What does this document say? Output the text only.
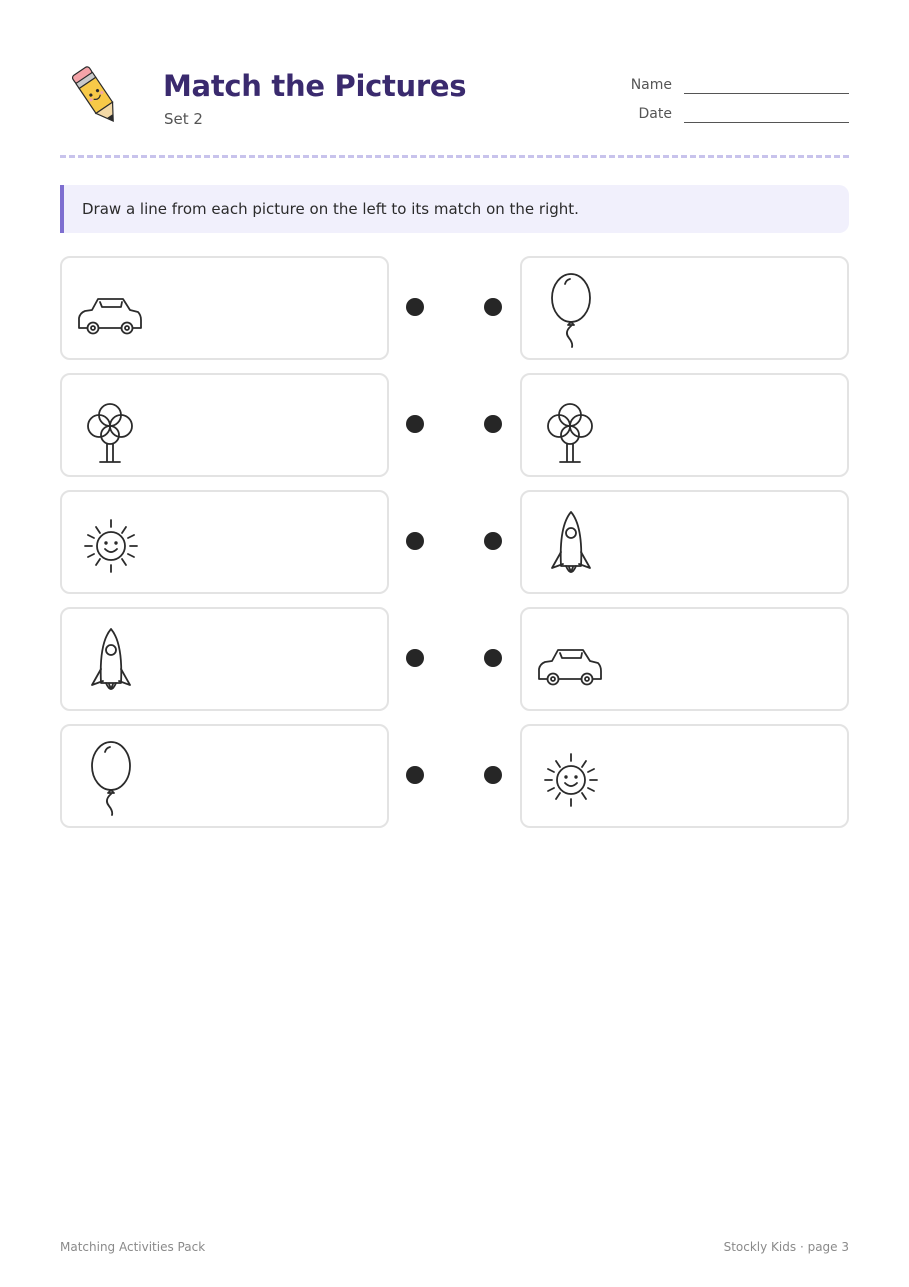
Match the Pictures
Set 2
Name
Date
Draw a line from each picture on the left to its match on the right.
Matching Activities Pack	Stockly Kids · page 3
